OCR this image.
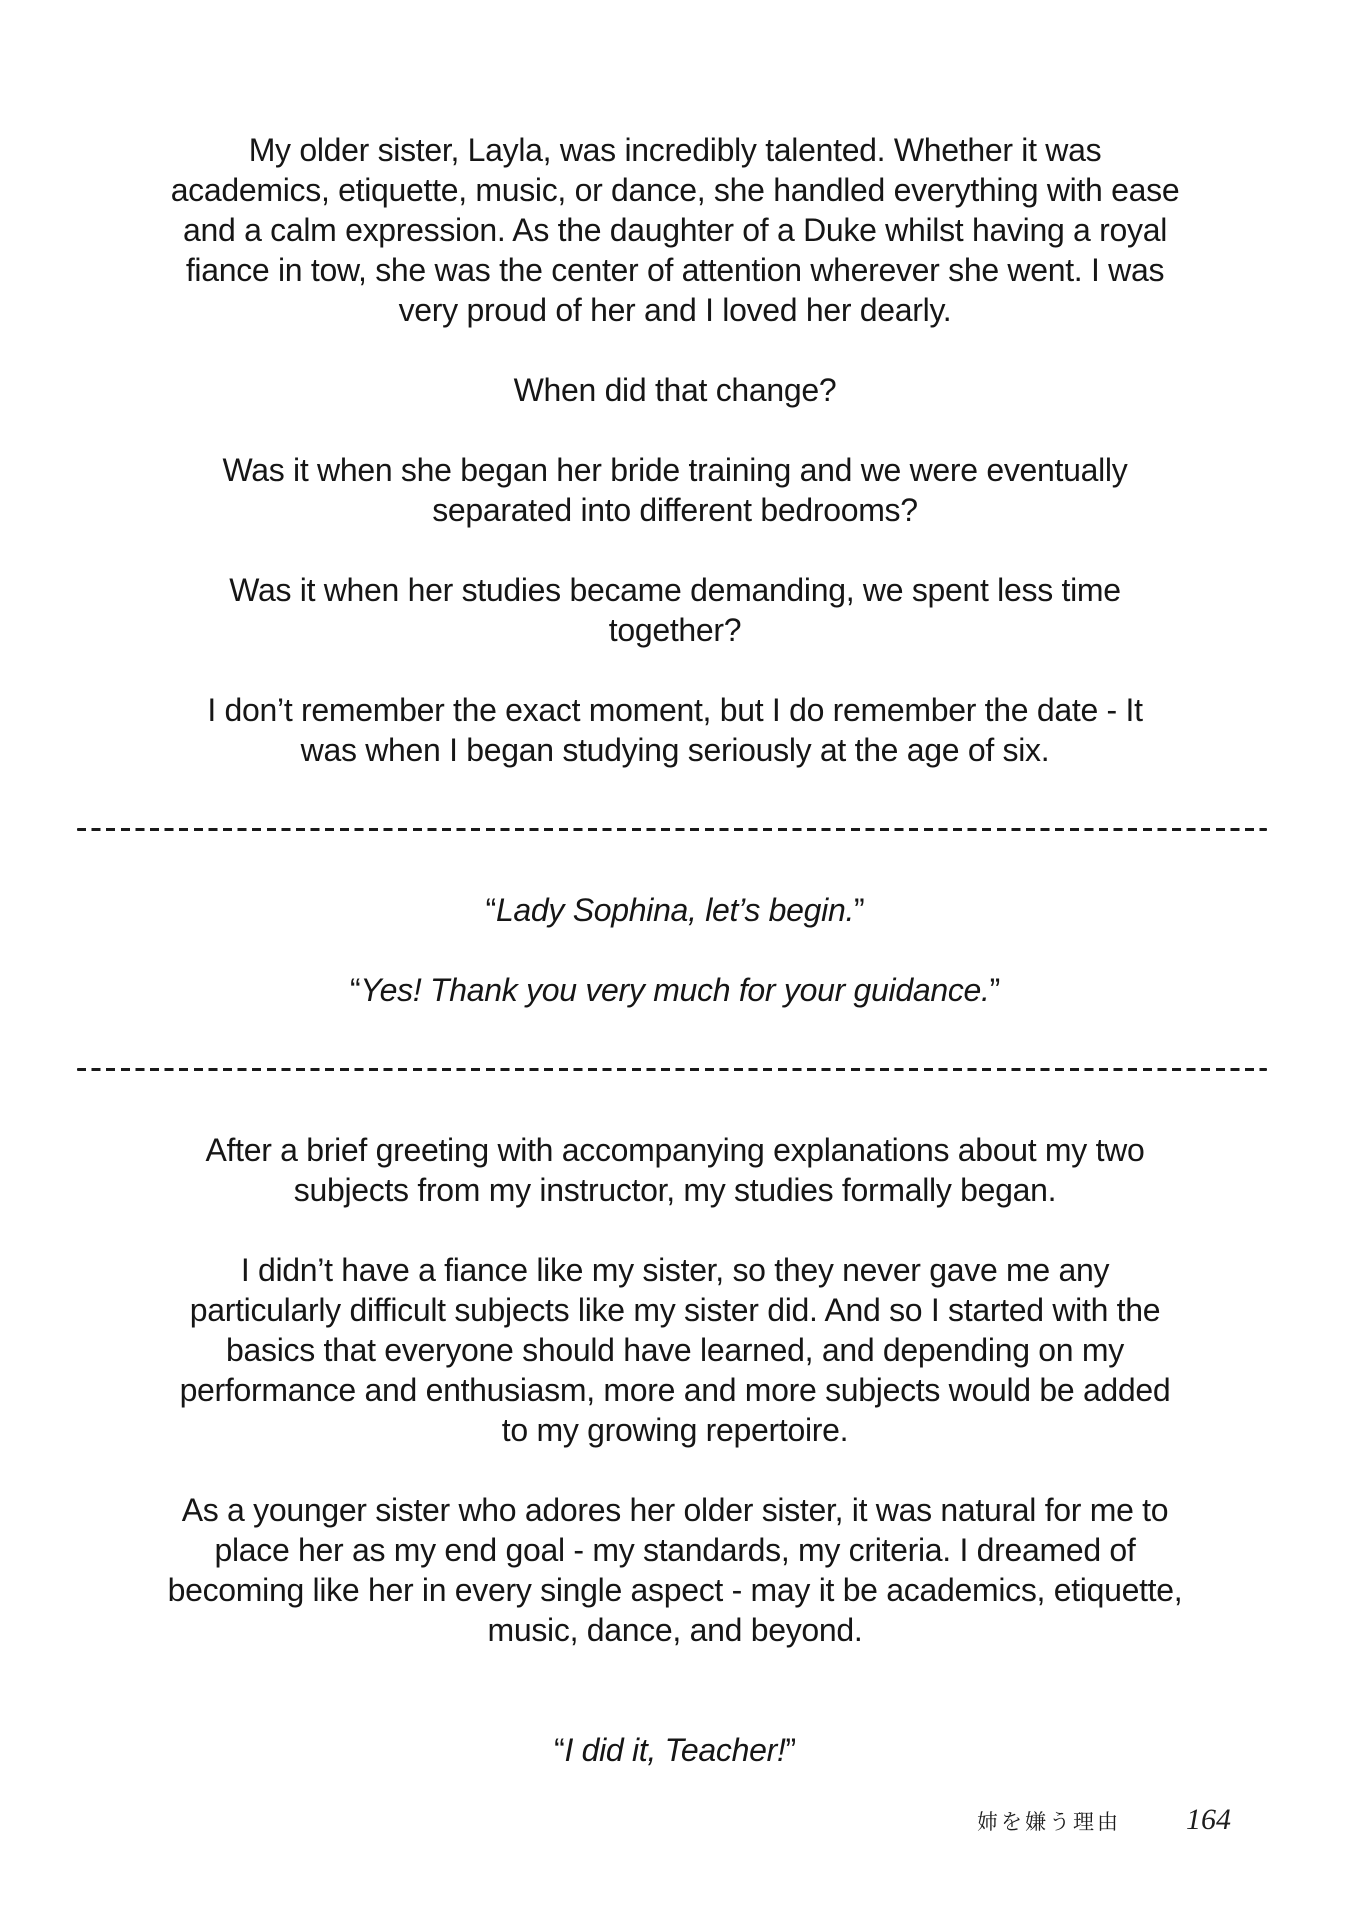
My older sister, Layla, was incredibly talented. Whether it was
academics, etiquette, music, or dance, she handled everything with ease
and a calm expression. As the daughter of a Duke whilst having a royal
fiance in tow, she was the center of attention wherever she went. I was
very proud of her and I loved her dearly.
When did that change?
Was it when she began her bride training and we were eventually
separated into different bedrooms?
Was it when her studies became demanding, we spent less time
together?
I don’t remember the exact moment, but I do remember the date - It
was when I began studying seriously at the age of six.
“Lady Sophina, let’s begin.”
“Yes! Thank you very much for your guidance.”
After a brief greeting with accompanying explanations about my two
subjects from my instructor, my studies formally began.
I didn’t have a fiance like my sister, so they never gave me any
particularly difficult subjects like my sister did. And so I started with the
basics that everyone should have learned, and depending on my
performance and enthusiasm, more and more subjects would be added
to my growing repertoire.
As a younger sister who adores her older sister, it was natural for me to
place her as my end goal - my standards, my criteria. I dreamed of
becoming like her in every single aspect - may it be academics, etiquette,
music, dance, and beyond.
“I did it, Teacher!”
姉を嫌う理由 164
